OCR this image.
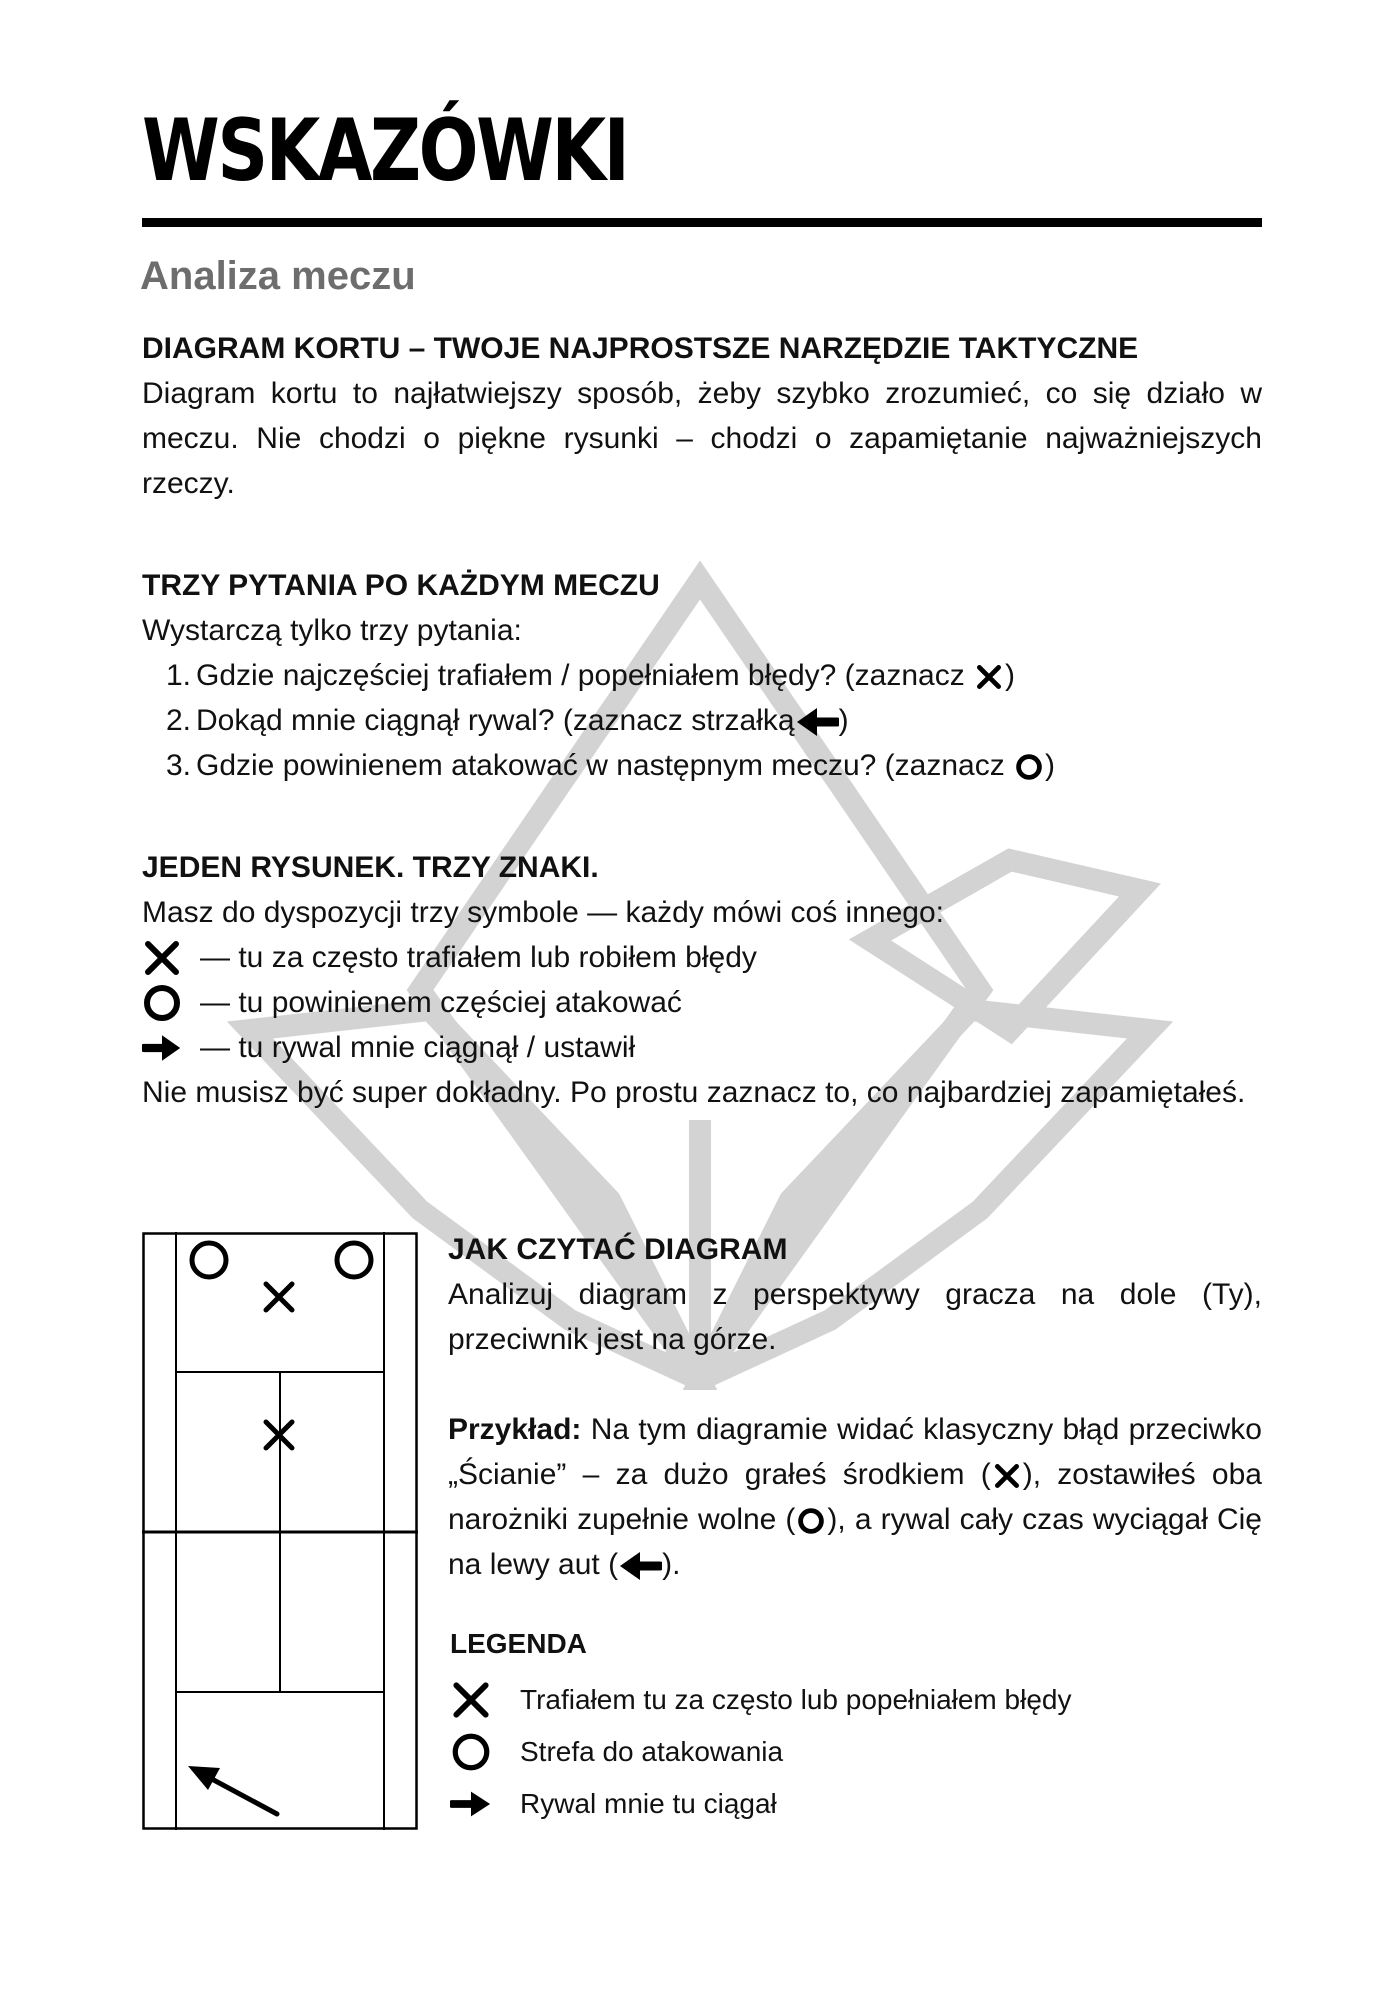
WSKAZÓWKI
Analiza meczu
DIAGRAM KORTU – TWOJE NAJPROSTSZE NARZĘDZIE TAKTYCZNE

Diagram kortu to najłatwiejszy sposób, żeby szybko zrozumieć, co się działo w meczu. Nie chodzi o piękne rysunki – chodzi o zapamiętanie najważniejszych rzeczy.

TRZY PYTANIA PO KAŻDYM MECZU

Wystarczą tylko trzy pytania:

1. Gdzie najczęściej trafiałem / popełniałem błędy? (zaznacz )
2. Dokąd mnie ciągnął rywal? (zaznacz strzałką )
3. Gdzie powinienem atakować w następnym meczu? (zaznacz )
JEDEN RYSUNEK. TRZY ZNAKI.

Masz do dyspozycji trzy symbole — każdy mówi coś innego:

— tu za często trafiałem lub robiłem błędy
— tu powinienem częściej atakować
— tu rywal mnie ciągnął / ustawił

Nie musisz być super dokładny. Po prostu zaznacz to, co najbardziej zapamiętałeś.

JAK CZYTAĆ DIAGRAM

Analizuj diagram z perspektywy gracza na dole (Ty), przeciwnik jest na górze.

Przykład: Na tym diagramie widać klasyczny błąd przeciwko „Ścianie” – za dużo grałeś środkiem ( ), zostawiłeś oba narożniki zupełnie wolne ( ), a rywal cały czas wyciągał Cię na lewy aut ( ).

LEGENDA
Trafiałem tu za często lub popełniałem błędy
Strefa do atakowania
Rywal mnie tu ciągał
